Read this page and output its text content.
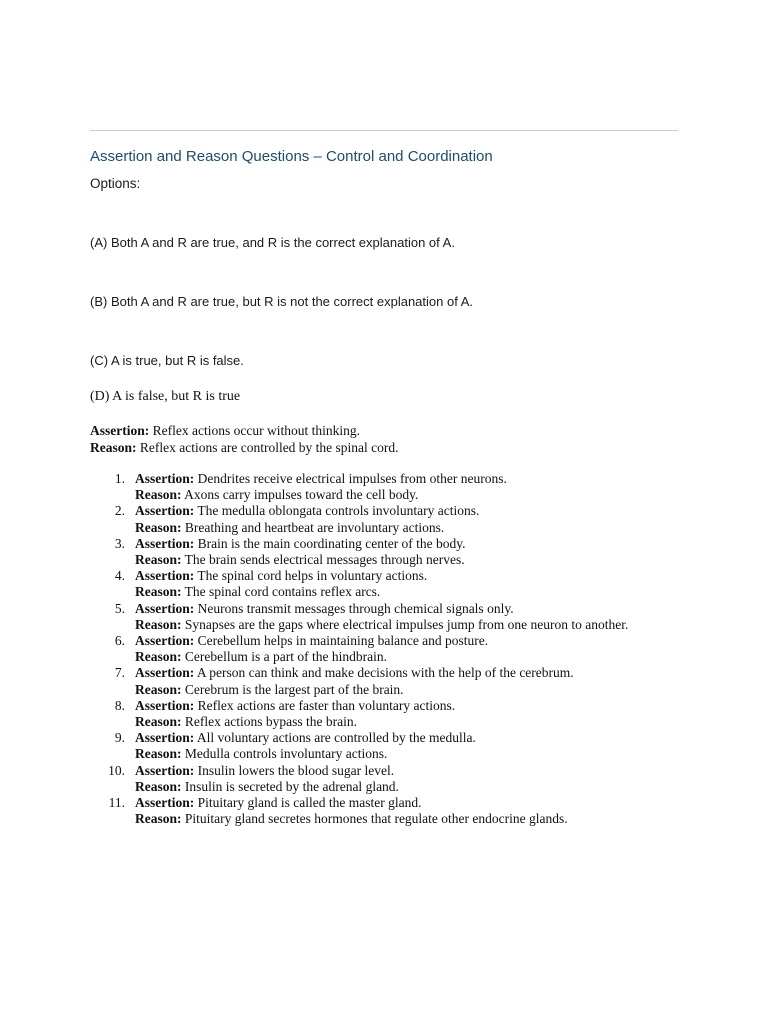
Assertion and Reason Questions – Control and Coordination
Options:
(A) Both A and R are true, and R is the correct explanation of A.
(B) Both A and R are true, but R is not the correct explanation of A.
(C) A is true, but R is false.
(D) A is false, but R is true
Assertion: Reflex actions occur without thinking.
Reason: Reflex actions are controlled by the spinal cord.
1. Assertion: Dendrites receive electrical impulses from other neurons.
Reason: Axons carry impulses toward the cell body.
2. Assertion: The medulla oblongata controls involuntary actions.
Reason: Breathing and heartbeat are involuntary actions.
3. Assertion: Brain is the main coordinating center of the body.
Reason: The brain sends electrical messages through nerves.
4. Assertion: The spinal cord helps in voluntary actions.
Reason: The spinal cord contains reflex arcs.
5. Assertion: Neurons transmit messages through chemical signals only.
Reason: Synapses are the gaps where electrical impulses jump from one neuron to another.
6. Assertion: Cerebellum helps in maintaining balance and posture.
Reason: Cerebellum is a part of the hindbrain.
7. Assertion: A person can think and make decisions with the help of the cerebrum.
Reason: Cerebrum is the largest part of the brain.
8. Assertion: Reflex actions are faster than voluntary actions.
Reason: Reflex actions bypass the brain.
9. Assertion: All voluntary actions are controlled by the medulla.
Reason: Medulla controls involuntary actions.
10. Assertion: Insulin lowers the blood sugar level.
Reason: Insulin is secreted by the adrenal gland.
11. Assertion: Pituitary gland is called the master gland.
Reason: Pituitary gland secretes hormones that regulate other endocrine glands.
